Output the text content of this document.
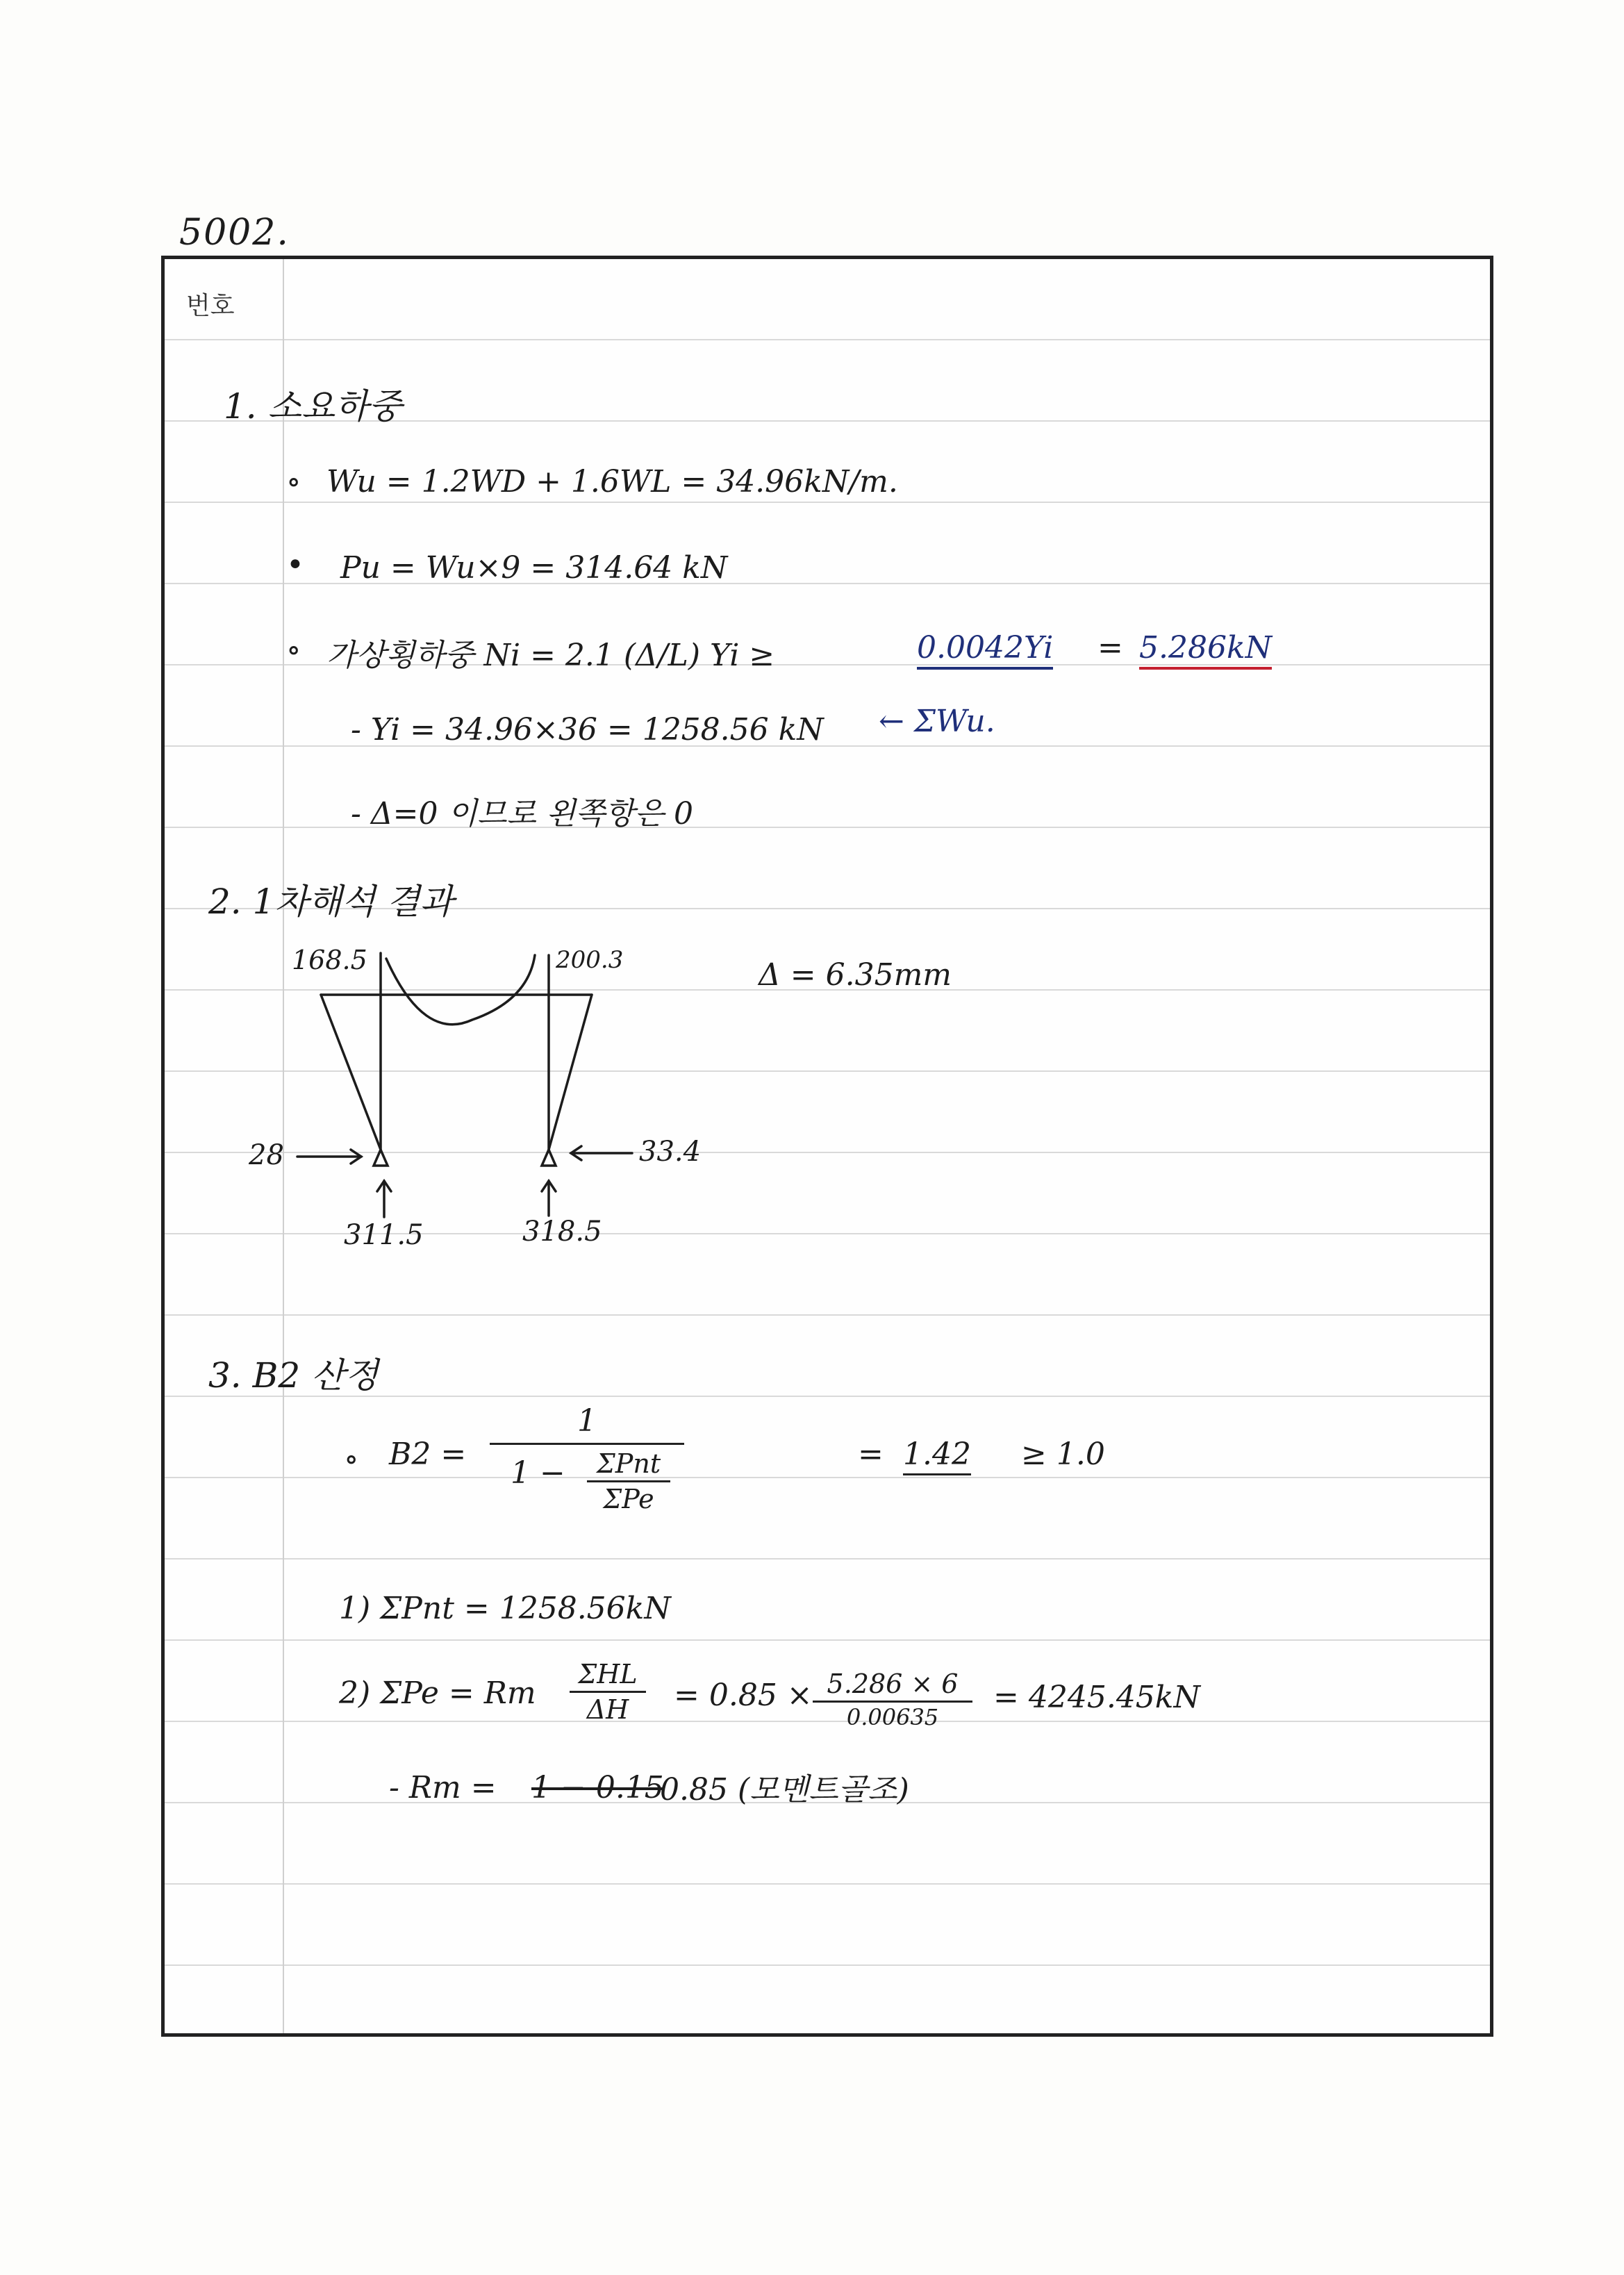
5002.
번호
1. 소요하중
∘ Wu = 1.2WD + 1.6WL = 34.96kN/m.
• Pu = Wu×9 = 314.64 kN
∘ 가상횡하중 Ni = 2.1 (Δ/L) Yi ≥	0.0042Yi = 5.286kN
- Yi = 34.96×36 = 1258.56 kN ← ΣWu.
- Δ=0 이므로 왼쪽항은 0
2. 1차해석 결과
168.5	200.3	Δ = 6.35mm
28	33.4
311.5	318.5
3. B2 산정
∘ B2 =
1
1 −	ΣPnt
ΣPe
= 1.42 ≥ 1.0
1) ΣPnt = 1258.56kN
2) ΣPe = Rm
ΣHL
ΔH	= 0.85 × 5.286 × 6
0.00635
= 4245.45kN
- Rm = 1 − 0.15
0.85 (모멘트골조)
